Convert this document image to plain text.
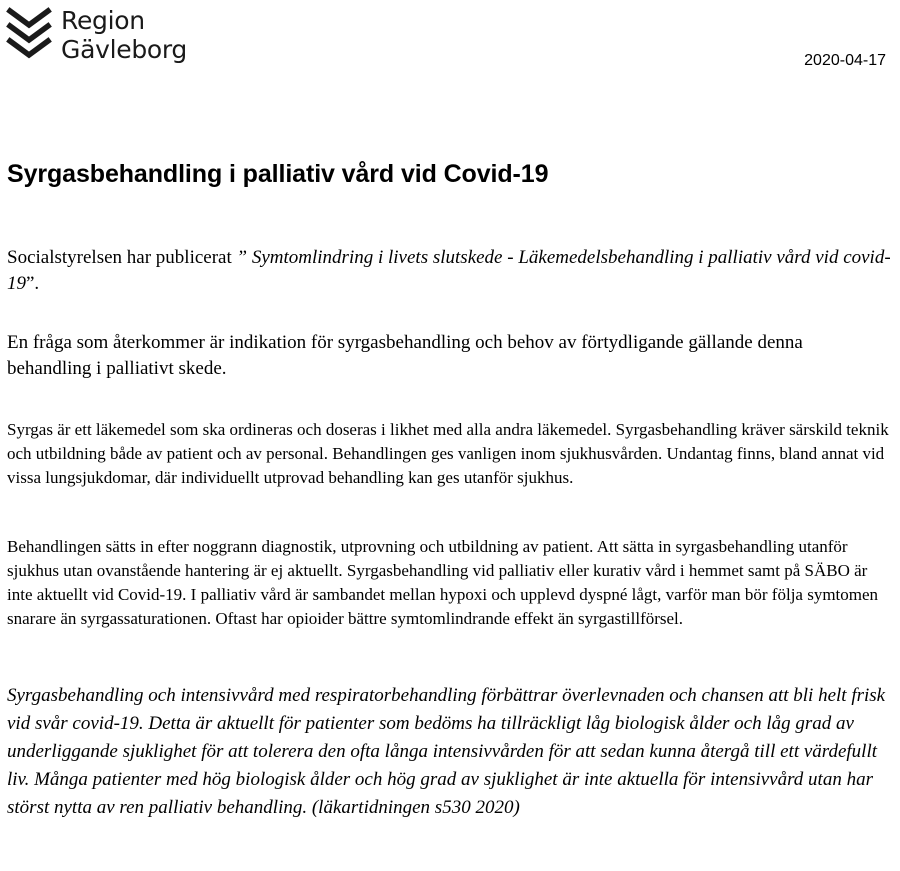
Region
Gävleborg	2020-04-17
Syrgasbehandling i palliativ vård vid Covid-19

Socialstyrelsen har publicerat ” Symtomlindring i livets slutskede - Läkemedelsbehandling i palliativ vård vid covid-19”.

En fråga som återkommer är indikation för syrgasbehandling och behov av förtydligande gällande denna behandling i palliativt skede.

Syrgas är ett läkemedel som ska ordineras och doseras i likhet med alla andra läkemedel. Syrgasbehandling kräver särskild teknik och utbildning både av patient och av personal. Behandlingen ges vanligen inom sjukhusvården. Undantag finns, bland annat vid vissa lungsjukdomar, där individuellt utprovad behandling kan ges utanför sjukhus.

Behandlingen sätts in efter noggrann diagnostik, utprovning och utbildning av patient. Att sätta in syrgasbehandling utanför sjukhus utan ovanstående hantering är ej aktuellt. Syrgasbehandling vid palliativ eller kurativ vård i hemmet samt på SÄBO är inte aktuellt vid Covid-19. I palliativ vård är sambandet mellan hypoxi och upplevd dyspné lågt, varför man bör följa symtomen snarare än syrgassaturationen. Oftast har opioider bättre symtomlindrande effekt än syrgastillförsel.

Syrgasbehandling och intensivvård med respiratorbehandling förbättrar överlevnaden och chansen att bli helt frisk vid svår covid-19. Detta är aktuellt för patienter som bedöms ha tillräckligt låg biologisk ålder och låg grad av underliggande sjuklighet för att tolerera den ofta långa intensivvården för att sedan kunna återgå till ett värdefullt liv. Många patienter med hög biologisk ålder och hög grad av sjuklighet är inte aktuella för intensivvård utan har störst nytta av ren palliativ behandling. (läkartidningen s530 2020)
